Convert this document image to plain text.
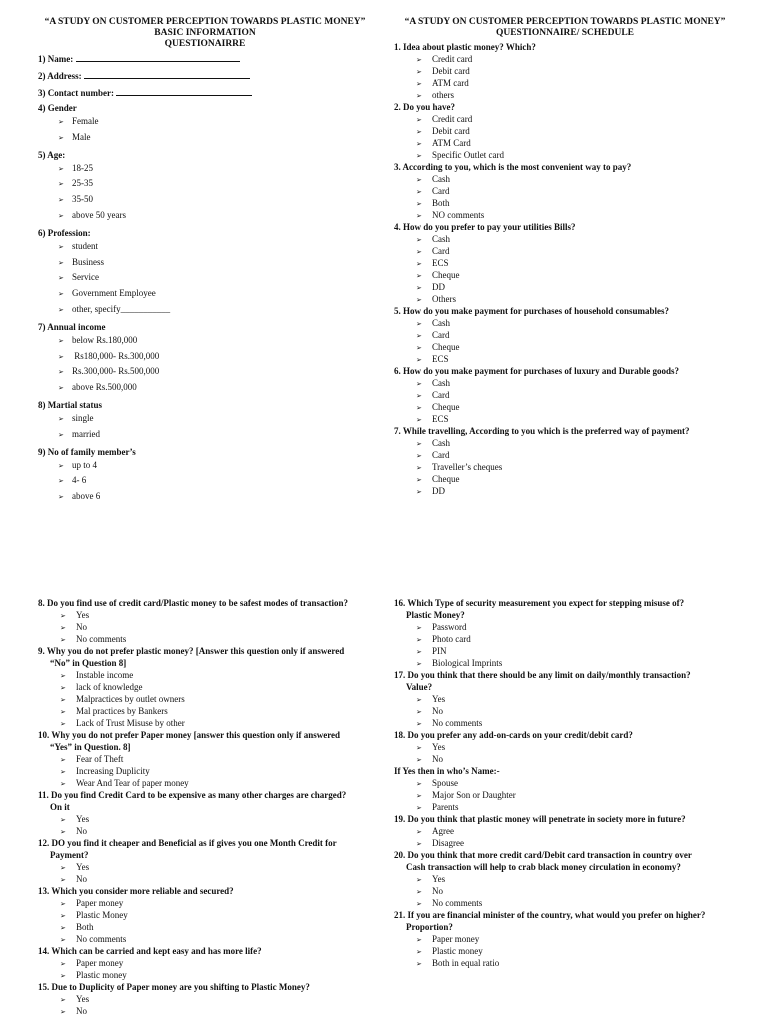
“A STUDY ON CUSTOMER PERCEPTION TOWARDS PLASTIC MONEY”
BASIC INFORMATION
QUESTIONAIRRE
“A STUDY ON CUSTOMER PERCEPTION TOWARDS PLASTIC MONEY”
QUESTIONNAIRE/ SCHEDULE
1) Name:
2) Address:
3) Contact number:
4) Gender
➢ Female
➢ Male
5) Age:
➢ 18-25
➢ 25-35
➢ 35-50
➢ above 50 years
6) Profession:
➢ student
➢ Business
➢ Service
➢ Government Employee
➢ other, specify___________
7) Annual income
➢ below Rs.180,000
➢ Rs180,000- Rs.300,000
➢ Rs.300,000- Rs.500,000
➢ above Rs.500,000
8) Martial status
➢ single
➢ married
9) No of family member’s
➢ up to 4
➢ 4- 6
➢ above 6
1. Idea about plastic money? Which?
➢ Credit card
➢ Debit card
➢ ATM card
➢ others
2. Do you have?
➢ Credit card
➢ Debit card
➢ ATM Card
➢ Specific Outlet card
3. According to you, which is the most convenient way to pay?
➢ Cash
➢ Card
➢ Both
➢ NO comments
4. How do you prefer to pay your utilities Bills?
➢ Cash
➢ Card
➢ ECS
➢ Cheque
➢ DD
➢ Others
5. How do you make payment for purchases of household consumables?
➢ Cash
➢ Card
➢ Cheque
➢ ECS
6. How do you make payment for purchases of luxury and Durable goods?
➢ Cash
➢ Card
➢ Cheque
➢ ECS
7. While travelling, According to you which is the preferred way of payment?
➢ Cash
➢ Card
➢ Traveller’s cheques
➢ Cheque
➢ DD
8. Do you find use of credit card/Plastic money to be safest modes of transaction?
➢ Yes
➢ No
➢ No comments
9. Why you do not prefer plastic money? [Answer this question only if answered
“No” in Question 8]
➢ Instable income
➢ lack of knowledge
➢ Malpractices by outlet owners
➢ Mal practices by Bankers
➢ Lack of Trust Misuse by other
10. Why you do not prefer Paper money [answer this question only if answered
“Yes” in Question. 8]
➢ Fear of Theft
➢ Increasing Duplicity
➢ Wear And Tear of paper money
11. Do you find Credit Card to be expensive as many other charges are charged?
On it
➢ Yes
➢ No
12. DO you find it cheaper and Beneficial as if gives you one Month Credit for
Payment?
➢ Yes
➢ No
13. Which you consider more reliable and secured?
➢ Paper money
➢ Plastic Money
➢ Both
➢ No comments
14. Which can be carried and kept easy and has more life?
➢ Paper money
➢ Plastic money
15. Due to Duplicity of Paper money are you shifting to Plastic Money?
➢ Yes
➢ No
16. Which Type of security measurement you expect for stepping misuse of?
Plastic Money?
➢ Password
➢ Photo card
➢ PIN
➢ Biological Imprints
17. Do you think that there should be any limit on daily/monthly transaction?
Value?
➢ Yes
➢ No
➢ No comments
18. Do you prefer any add-on-cards on your credit/debit card?
➢ Yes
➢ No
If Yes then in who’s Name:-
➢ Spouse
➢ Major Son or Daughter
➢ Parents
19. Do you think that plastic money will penetrate in society more in future?
➢ Agree
➢ Disagree
20. Do you think that more credit card/Debit card transaction in country over
Cash transaction will help to crab black money circulation in economy?
➢ Yes
➢ No
➢ No comments
21. If you are financial minister of the country, what would you prefer on higher?
Proportion?
➢ Paper money
➢ Plastic money
➢ Both in equal ratio
